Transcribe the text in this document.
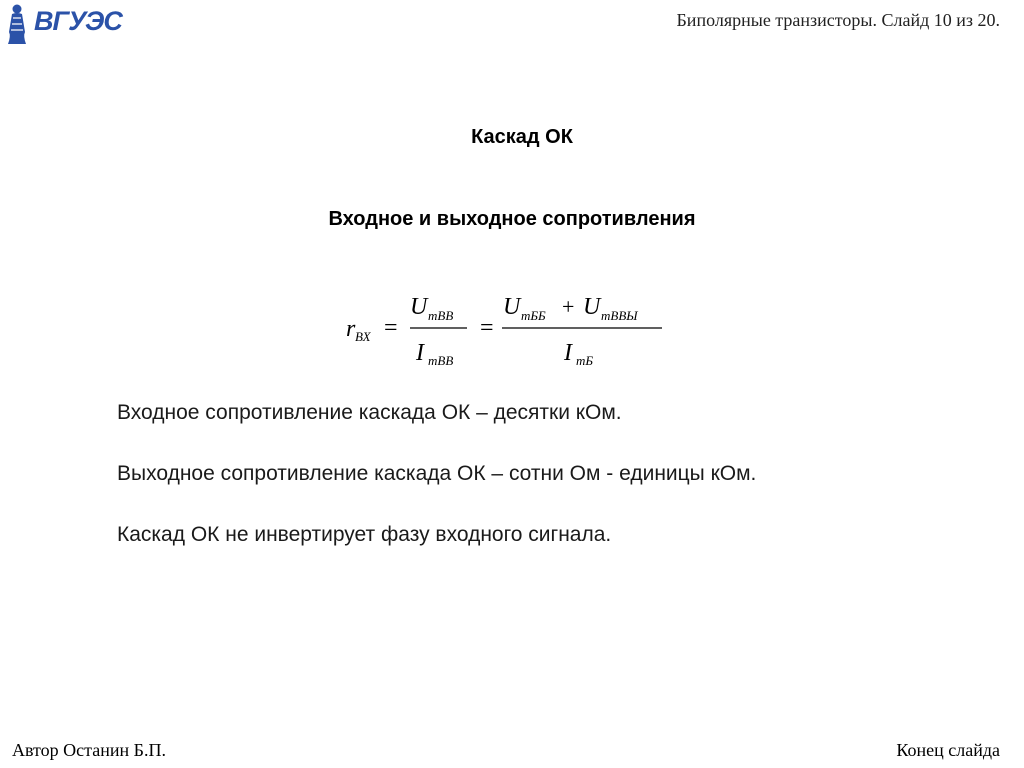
ВГУЭС	Биполярные транзисторы. Слайд 10 из 20.
Каскад ОК
Входное и выходное сопротивления
r ВХ =
U mВВ
I mВВ
=
U mББ + U mВВЫ
I mБ
Входное сопротивление каскада ОК – десятки кОм.
Выходное сопротивление каскада ОК – сотни Ом - единицы кОм.
Каскад ОК не инвертирует фазу входного сигнала.
Автор Останин Б.П.	Конец слайда
